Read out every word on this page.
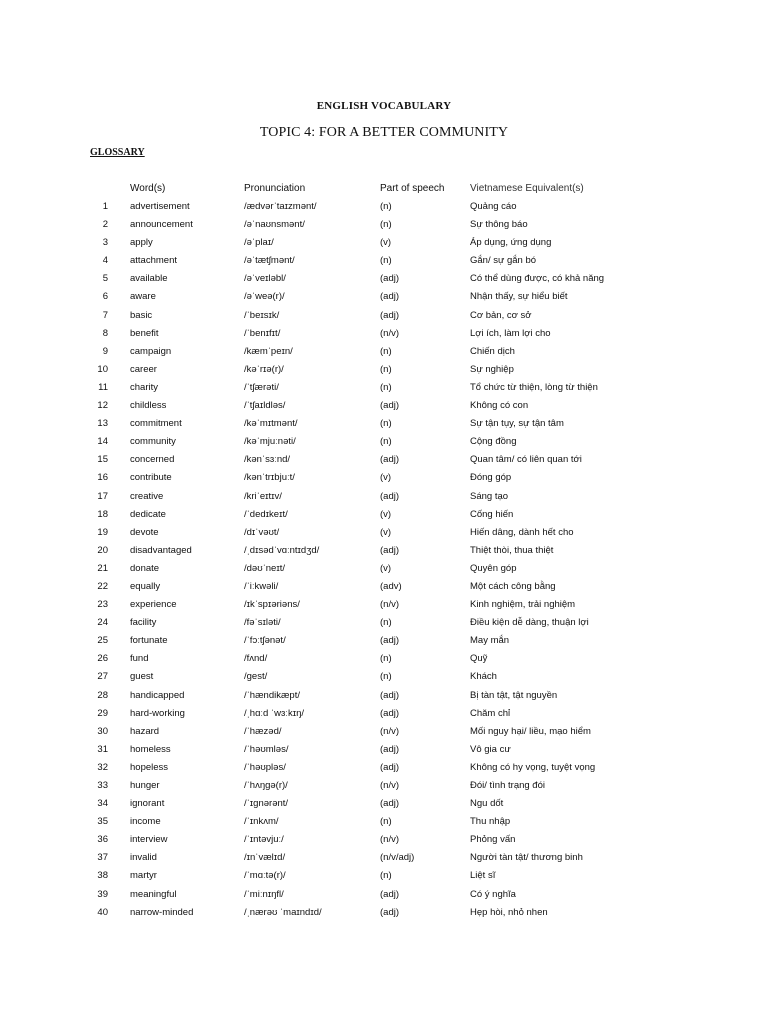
ENGLISH VOCABULARY
TOPIC 4: FOR A BETTER COMMUNITY
GLOSSARY
Word(s)	Pronunciation	Part of speech	Vietnamese Equivalent(s)
1 advertisement	/ædvərˈtaɪzmənt/	(n)	Quảng cáo
2 announcement	/əˈnaʊnsmənt/	(n)	Sự thông báo
3 apply	/əˈplaɪ/	(v)	Áp dụng, ứng dụng
4 attachment	/əˈtætʃmənt/	(n)	Gắn/ sự gắn bó
5 available	/əˈveɪləbl/	(adj)	Có thể dùng được, có khả năng
6 aware	/əˈweə(r)/	(adj)	Nhận thấy, sự hiểu biết
7 basic	/ˈbeɪsɪk/	(adj)	Cơ bản, cơ sở
8 benefit	/ˈbenɪfɪt/	(n/v)	Lợi ích, làm lợi cho
9 campaign	/kæmˈpeɪn/	(n)	Chiến dịch
10 career	/kəˈrɪə(r)/	(n)	Sự nghiệp
11 charity	/ˈtʃærəti/	(n)	Tổ chức từ thiện, lòng từ thiện
12 childless	/ˈtʃaɪldləs/	(adj)	Không có con
13 commitment	/kəˈmɪtmənt/	(n)	Sự tận tụy, sự tận tâm
14 community	/kəˈmjuːnəti/	(n)	Cộng đồng
15 concerned	/kənˈsɜːnd/	(adj)	Quan tâm/ có liên quan tới
16 contribute	/kənˈtrɪbjuːt/	(v)	Đóng góp
17 creative	/kriˈeɪtɪv/	(adj)	Sáng tạo
18 dedicate	/ˈdedɪkeɪt/	(v)	Cống hiến
19 devote	/dɪˈvəʊt/	(v)	Hiến dâng, dành hết cho
20 disadvantaged	/ˌdɪsədˈvɑːntɪdʒd/	(adj)	Thiệt thòi, thua thiệt
21 donate	/dəʊˈneɪt/	(v)	Quyên góp
22 equally	/ˈiːkwəli/	(adv)	Một cách công bằng
23 experience	/ɪkˈspɪəriəns/	(n/v)	Kinh nghiệm, trải nghiệm
24 facility	/fəˈsɪləti/	(n)	Điều kiện dễ dàng, thuận lợi
25 fortunate	/ˈfɔːtʃənət/	(adj)	May mắn
26 fund	/fʌnd/	(n)	Quỹ
27 guest	/gest/	(n)	Khách
28 handicapped	/ˈhændikæpt/	(adj)	Bị tàn tật, tật nguyền
29 hard-working	/ˌhɑːd ˈwɜːkɪŋ/	(adj)	Chăm chỉ
30 hazard	/ˈhæzəd/	(n/v)	Mối nguy hại/ liều, mạo hiểm
31 homeless	/ˈhəʊmləs/	(adj)	Vô gia cư
32 hopeless	/ˈhəʊpləs/	(adj)	Không có hy vọng, tuyệt vọng
33 hunger	/ˈhʌŋgə(r)/	(n/v)	Đói/ tình trạng đói
34 ignorant	/ˈɪgnərənt/	(adj)	Ngu dốt
35 income	/ˈɪnkʌm/	(n)	Thu nhập
36 interview	/ˈɪntəvjuː/	(n/v)	Phỏng vấn
37 invalid	/ɪnˈvælɪd/	(n/v/adj)	Người tàn tật/ thương binh
38 martyr	/ˈmɑːtə(r)/	(n)	Liệt sĩ
39 meaningful	/ˈmiːnɪŋfl/	(adj)	Có ý nghĩa
40 narrow-minded	/ˌnærəʊ ˈmaɪndɪd/	(adj)	Hẹp hòi, nhỏ nhen
